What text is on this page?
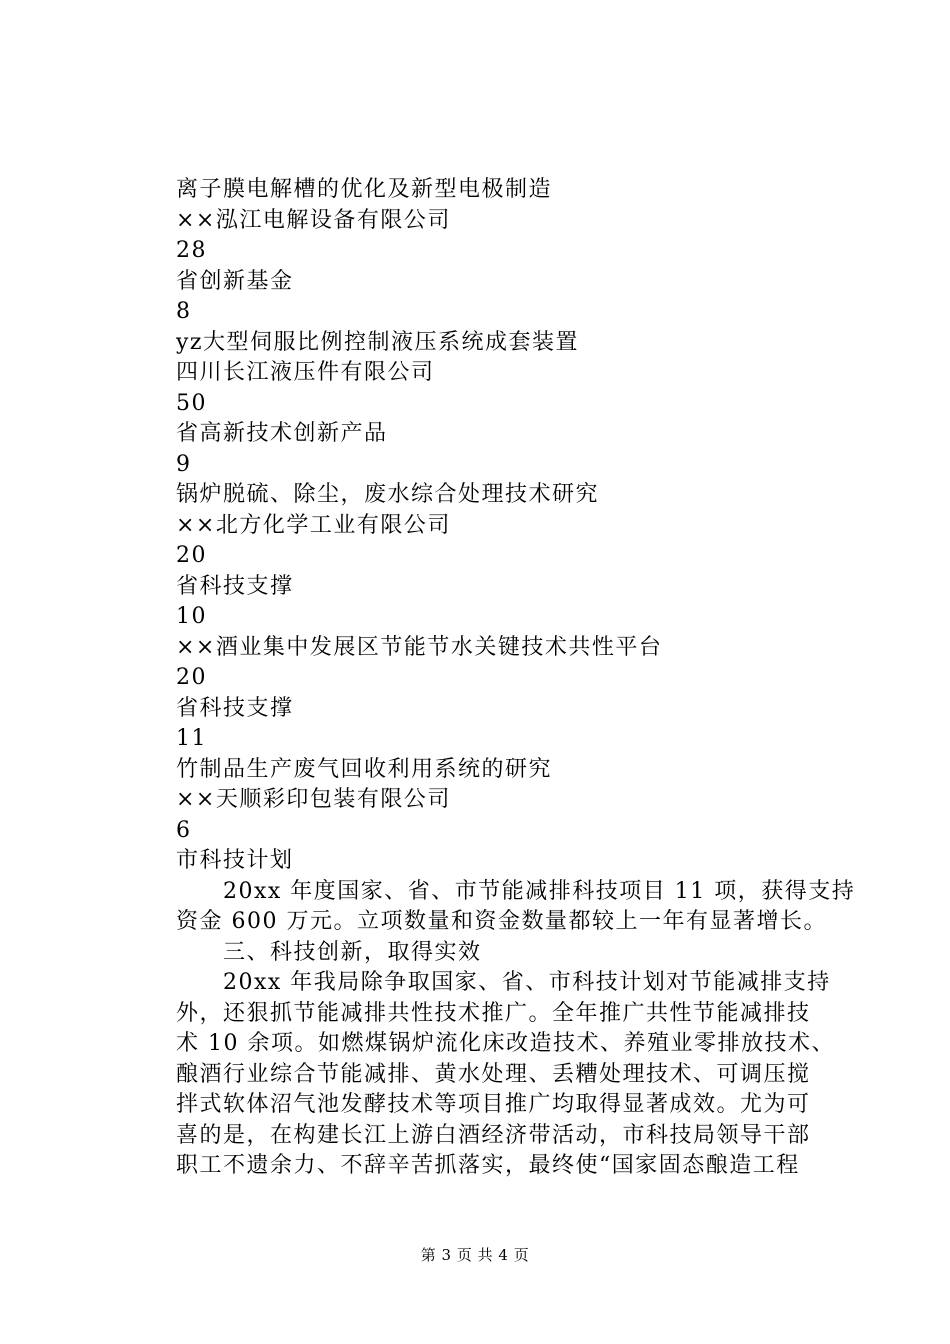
离子膜电解槽的优化及新型电极制造
××泓江电解设备有限公司
28
省创新基金
8
yz大型伺服比例控制液压系统成套装置
四川长江液压件有限公司
50
省高新技术创新产品
9
锅炉脱硫、除尘，废水综合处理技术研究
××北方化学工业有限公司
20
省科技支撑
10
××酒业集中发展区节能节水关键技术共性平台
20
省科技支撑
11
竹制品生产废气回收利用系统的研究
××天顺彩印包装有限公司
6
市科技计划
　　20xx 年度国家、省、市节能减排科技项目 11 项，获得支持
资金 600 万元。立项数量和资金数量都较上一年有显著增长。
　　三、科技创新，取得实效
　　20xx 年我局除争取国家、省、市科技计划对节能减排支持
外，还狠抓节能减排共性技术推广。全年推广共性节能减排技
术 10 余项。如燃煤锅炉流化床改造技术、养殖业零排放技术、
酿酒行业综合节能减排、黄水处理、丢糟处理技术、可调压搅
拌式软体沼气池发酵技术等项目推广均取得显著成效。尤为可
喜的是，在构建长江上游白酒经济带活动，市科技局领导干部
职工不遗余力、不辞辛苦抓落实，最终使“国家固态酿造工程
第 3 页 共 4 页
